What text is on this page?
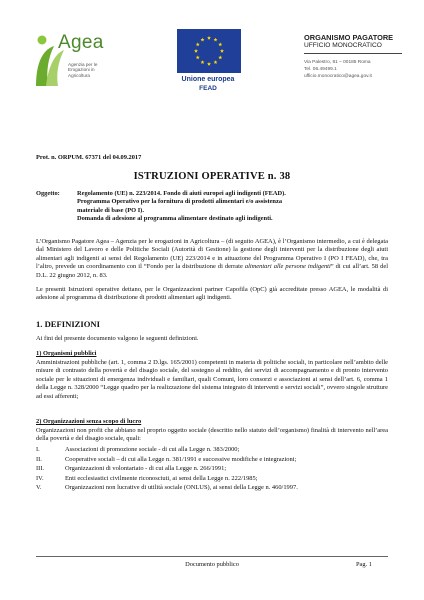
Agea
Agenzia per le Erogazioni in Agricoltura
Unione europea
FEAD
ORGANISMO PAGATORE
UFFICIO MONOCRATICO
Via Palestro, 81 – 00185 Roma
Tel. 06.49499.1
ufficio.monocratico@agea.gov.it
Prot. n. ORPUM. 67371 del 04.09.2017
ISTRUZIONI OPERATIVE n. 38
Oggetto:	Regolamento (UE) n. 223/2014. Fondo di aiuti europei agli indigenti (FEAD).
Programma Operativo per la fornitura di prodotti alimentari e/o assistenza
materiale di base (PO I).
Domanda di adesione al programma alimentare destinato agli indigenti.
L’Organismo Pagatore Agea – Agenzia per le erogazioni in Agricoltura – (di seguito AGEA), è l’Organismo intermedio, a cui è delegata dal Ministero del Lavoro e delle Politiche Sociali (Autorità di Gestione) la gestione degli interventi per la distribuzione degli aiuti alimentari agli indigenti ai sensi del Regolamento (UE) 223/2014 e in attuazione del Programma Operativo I (PO I FEAD), che, tra l’altro, prevede un coordinamento con il “Fondo per la distribuzione di derrate alimentari alle persone indigenti” di cui all’art. 58 del D.L. 22 giugno 2012, n. 83.
Le presenti Istruzioni operative dettano, per le Organizzazioni partner Capofila (OpC) già accreditate presso AGEA, le modalità di adesione al programma di distribuzione di prodotti alimentari agli indigenti.
1. DEFINIZIONI
Ai fini del presente documento valgono le seguenti definizioni.
1) Organismi pubblici
Amministrazioni pubbliche (art. 1, comma 2 D.lgs. 165/2001) competenti in materia di politiche sociali, in particolare nell’ambito delle misure di contrasto della povertà e del disagio sociale, del sostegno al reddito, dei servizi di accompagnamento e di pronto intervento sociale per le situazioni di emergenza individuali e familiari, quali Comuni, loro consorzi e associazioni ai sensi dell’art. 6, comma 1 della Legge n. 328/2000 “Legge quadro per la realizzazione del sistema integrato di interventi e servizi sociali”, ovvero singole strutture ad essi afferenti;
2) Organizzazioni senza scopo di lucro
Organizzazioni non profit che abbiano nel proprio oggetto sociale (descritto nello statuto dell’organismo) finalità di intervento nell’area della povertà e del disagio sociale, quali:
I.	Associazioni di promozione sociale - di cui alla Legge n. 383/2000;
II.	Cooperative sociali – di cui alla Legge n. 381/1991 e successive modifiche e integrazioni;
III.	Organizzazioni di volontariato - di cui alla Legge n. 266/1991;
IV.	Enti ecclesiastici civilmente riconosciuti, ai sensi della Legge n. 222/1985;
V.	Organizzazioni non lucrative di utilità sociale (ONLUS), ai sensi della Legge n. 460/1997.
Documento pubblico	Pag. 1
